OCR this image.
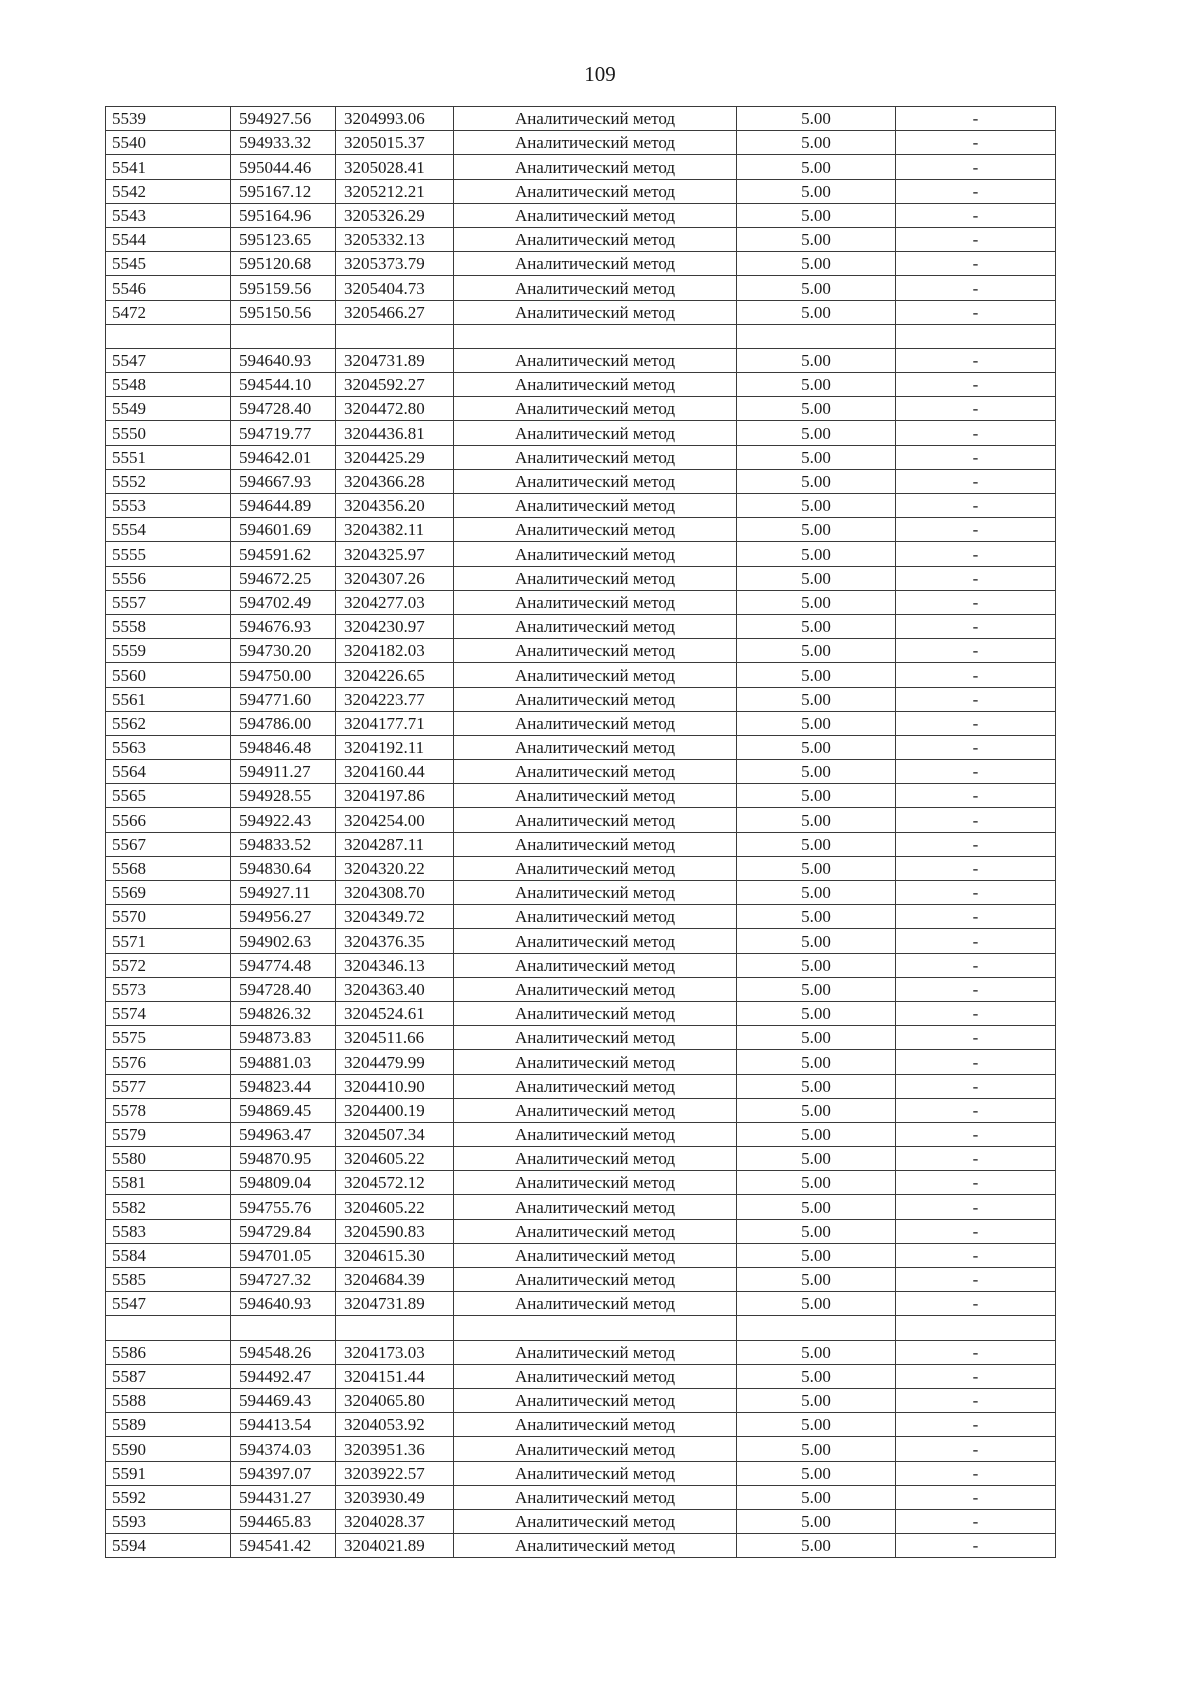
109
5539	594927.56	3204993.06	Аналитический метод	5.00	-
5540	594933.32	3205015.37	Аналитический метод	5.00	-
5541	595044.46	3205028.41	Аналитический метод	5.00	-
5542	595167.12	3205212.21	Аналитический метод	5.00	-
5543	595164.96	3205326.29	Аналитический метод	5.00	-
5544	595123.65	3205332.13	Аналитический метод	5.00	-
5545	595120.68	3205373.79	Аналитический метод	5.00	-
5546	595159.56	3205404.73	Аналитический метод	5.00	-
5472	595150.56	3205466.27	Аналитический метод	5.00	-

5547	594640.93	3204731.89	Аналитический метод	5.00	-
5548	594544.10	3204592.27	Аналитический метод	5.00	-
5549	594728.40	3204472.80	Аналитический метод	5.00	-
5550	594719.77	3204436.81	Аналитический метод	5.00	-
5551	594642.01	3204425.29	Аналитический метод	5.00	-
5552	594667.93	3204366.28	Аналитический метод	5.00	-
5553	594644.89	3204356.20	Аналитический метод	5.00	-
5554	594601.69	3204382.11	Аналитический метод	5.00	-
5555	594591.62	3204325.97	Аналитический метод	5.00	-
5556	594672.25	3204307.26	Аналитический метод	5.00	-
5557	594702.49	3204277.03	Аналитический метод	5.00	-
5558	594676.93	3204230.97	Аналитический метод	5.00	-
5559	594730.20	3204182.03	Аналитический метод	5.00	-
5560	594750.00	3204226.65	Аналитический метод	5.00	-
5561	594771.60	3204223.77	Аналитический метод	5.00	-
5562	594786.00	3204177.71	Аналитический метод	5.00	-
5563	594846.48	3204192.11	Аналитический метод	5.00	-
5564	594911.27	3204160.44	Аналитический метод	5.00	-
5565	594928.55	3204197.86	Аналитический метод	5.00	-
5566	594922.43	3204254.00	Аналитический метод	5.00	-
5567	594833.52	3204287.11	Аналитический метод	5.00	-
5568	594830.64	3204320.22	Аналитический метод	5.00	-
5569	594927.11	3204308.70	Аналитический метод	5.00	-
5570	594956.27	3204349.72	Аналитический метод	5.00	-
5571	594902.63	3204376.35	Аналитический метод	5.00	-
5572	594774.48	3204346.13	Аналитический метод	5.00	-
5573	594728.40	3204363.40	Аналитический метод	5.00	-
5574	594826.32	3204524.61	Аналитический метод	5.00	-
5575	594873.83	3204511.66	Аналитический метод	5.00	-
5576	594881.03	3204479.99	Аналитический метод	5.00	-
5577	594823.44	3204410.90	Аналитический метод	5.00	-
5578	594869.45	3204400.19	Аналитический метод	5.00	-
5579	594963.47	3204507.34	Аналитический метод	5.00	-
5580	594870.95	3204605.22	Аналитический метод	5.00	-
5581	594809.04	3204572.12	Аналитический метод	5.00	-
5582	594755.76	3204605.22	Аналитический метод	5.00	-
5583	594729.84	3204590.83	Аналитический метод	5.00	-
5584	594701.05	3204615.30	Аналитический метод	5.00	-
5585	594727.32	3204684.39	Аналитический метод	5.00	-
5547	594640.93	3204731.89	Аналитический метод	5.00	-

5586	594548.26	3204173.03	Аналитический метод	5.00	-
5587	594492.47	3204151.44	Аналитический метод	5.00	-
5588	594469.43	3204065.80	Аналитический метод	5.00	-
5589	594413.54	3204053.92	Аналитический метод	5.00	-
5590	594374.03	3203951.36	Аналитический метод	5.00	-
5591	594397.07	3203922.57	Аналитический метод	5.00	-
5592	594431.27	3203930.49	Аналитический метод	5.00	-
5593	594465.83	3204028.37	Аналитический метод	5.00	-
5594	594541.42	3204021.89	Аналитический метод	5.00	-
